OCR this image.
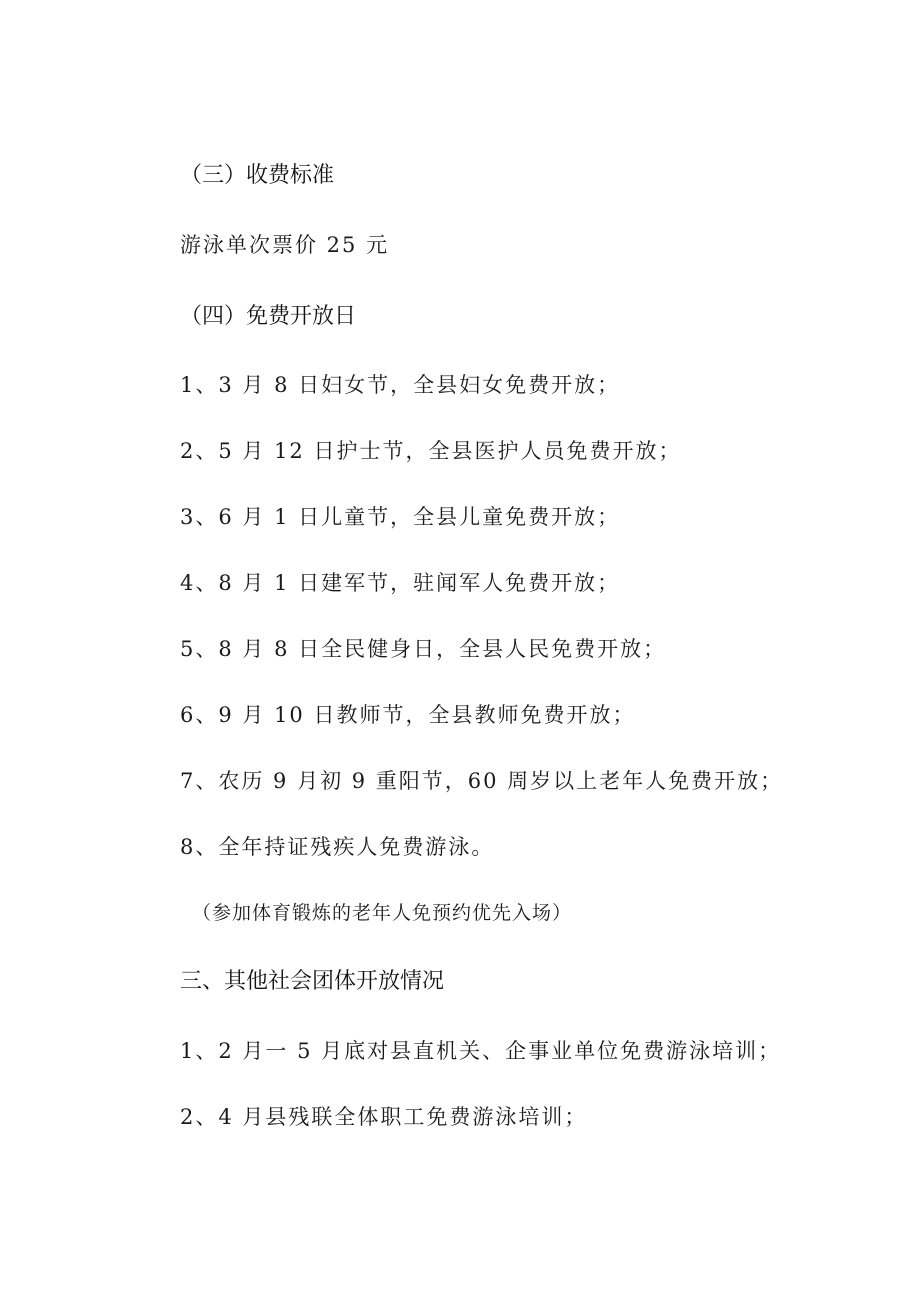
（三）收费标准
游泳单次票价 25 元
（四）免费开放日
1、3 月 8 日妇女节，全县妇女免费开放；
2、5 月 12 日护士节，全县医护人员免费开放；
3、6 月 1 日儿童节，全县儿童免费开放；
4、8 月 1 日建军节，驻闻军人免费开放；
5、8 月 8 日全民健身日，全县人民免费开放；
6、9 月 10 日教师节，全县教师免费开放；
7、农历 9 月初 9 重阳节，60 周岁以上老年人免费开放；
8、全年持证残疾人免费游泳。
（参加体育锻炼的老年人免预约优先入场）
三、其他社会团体开放情况
1、2 月一 5 月底对县直机关、企事业单位免费游泳培训；
2、4 月县残联全体职工免费游泳培训；
